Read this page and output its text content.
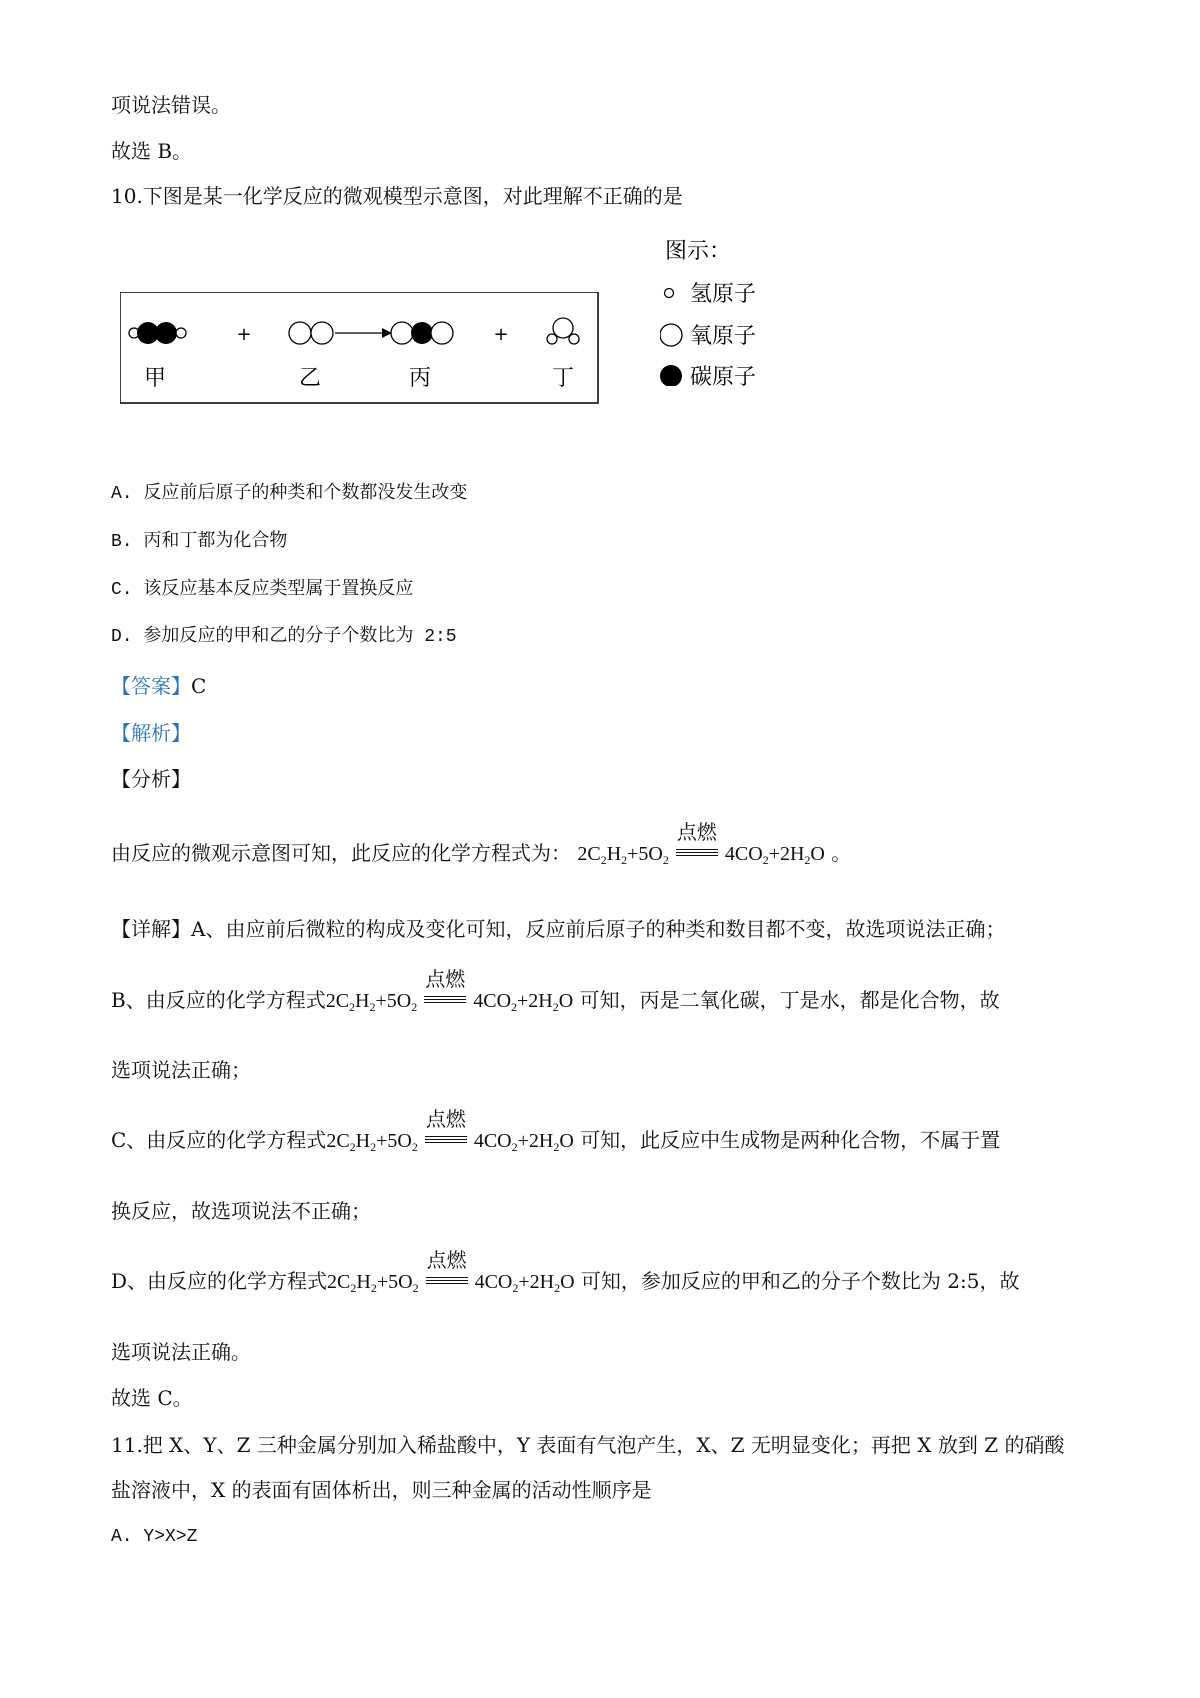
项说法错误。
故选 B。
10.下图是某一化学反应的微观模型示意图，对此理解不正确的是
甲
+
乙	丙
+
丁
图示：
氢原子
氧原子
碳原子
A. 反应前后原子的种类和个数都没发生改变
B. 丙和丁都为化合物
C. 该反应基本反应类型属于置换反应
D. 参加反应的甲和乙的分子个数比为 2:5
【答案】C
【解析】
【分析】
由反应的微观示意图可知，此反应的化学方程式为： $2C_2H_2+5O_2$
点燃
$4CO_2+2H_2O$ 。
【详解】A、由应前后微粒的构成及变化可知，反应前后原子的种类和数目都不变，故选项说法正确；
B、由反应的化学方程式$2C_2H_2+5O_2$
点燃
$4CO_2+2H_2O$ 可知，丙是二氧化碳，丁是水，都是化合物，故
选项说法正确；
C、由反应的化学方程式$2C_2H_2+5O_2$
点燃
$4CO_2+2H_2O$ 可知，此反应中生成物是两种化合物，不属于置
换反应，故选项说法不正确；
D、由反应的化学方程式$2C_2H_2+5O_2$
点燃
$4CO_2+2H_2O$ 可知，参加反应的甲和乙的分子个数比为 2:5，故
选项说法正确。
故选 C。
11.把 X、Y、Z 三种金属分别加入稀盐酸中，Y 表面有气泡产生，X、Z 无明显变化；再把 X 放到 Z 的硝酸
盐溶液中，X 的表面有固体析出，则三种金属的活动性顺序是
A. Y>X>Z
